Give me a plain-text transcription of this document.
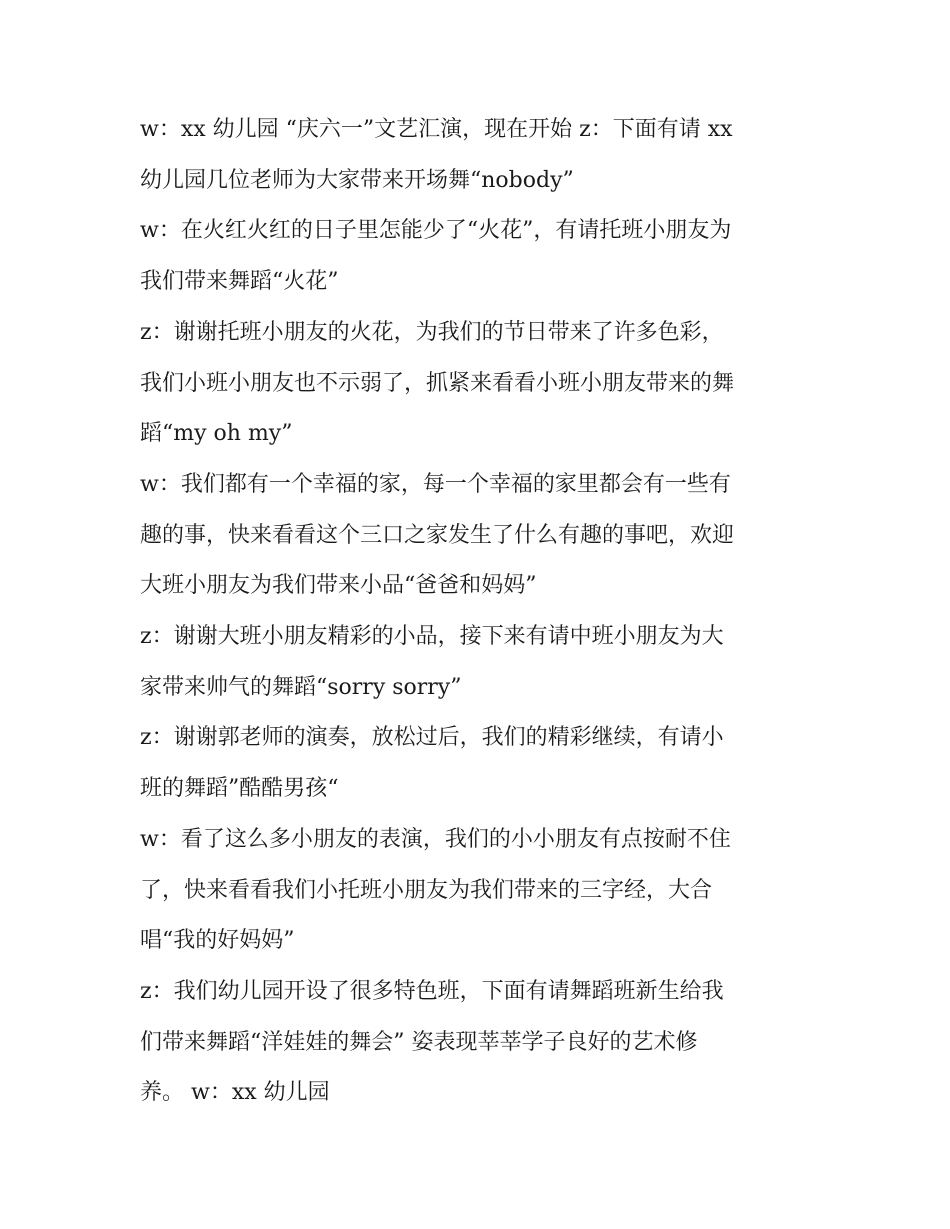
w：xx 幼儿园 “庆六一”文艺汇演，现在开始 z：下面有请 xx

幼儿园几位老师为大家带来开场舞“nobody”

w：在火红火红的日子里怎能少了“火花”，有请托班小朋友为

我们带来舞蹈“火花”

z：谢谢托班小朋友的火花，为我们的节日带来了许多色彩，

我们小班小朋友也不示弱了，抓紧来看看小班小朋友带来的舞

蹈“my oh my”

w：我们都有一个幸福的家，每一个幸福的家里都会有一些有

趣的事，快来看看这个三口之家发生了什么有趣的事吧，欢迎

大班小朋友为我们带来小品“爸爸和妈妈”

z：谢谢大班小朋友精彩的小品，接下来有请中班小朋友为大

家带来帅气的舞蹈“sorry sorry”

z：谢谢郭老师的演奏，放松过后，我们的精彩继续，有请小

班的舞蹈”酷酷男孩“

w：看了这么多小朋友的表演，我们的小小朋友有点按耐不住

了，快来看看我们小托班小朋友为我们带来的三字经，大合

唱“我的好妈妈”

z：我们幼儿园开设了很多特色班，下面有请舞蹈班新生给我

们带来舞蹈“洋娃娃的舞会” 姿表现莘莘学子良好的艺术修

养。 w：xx 幼儿园
